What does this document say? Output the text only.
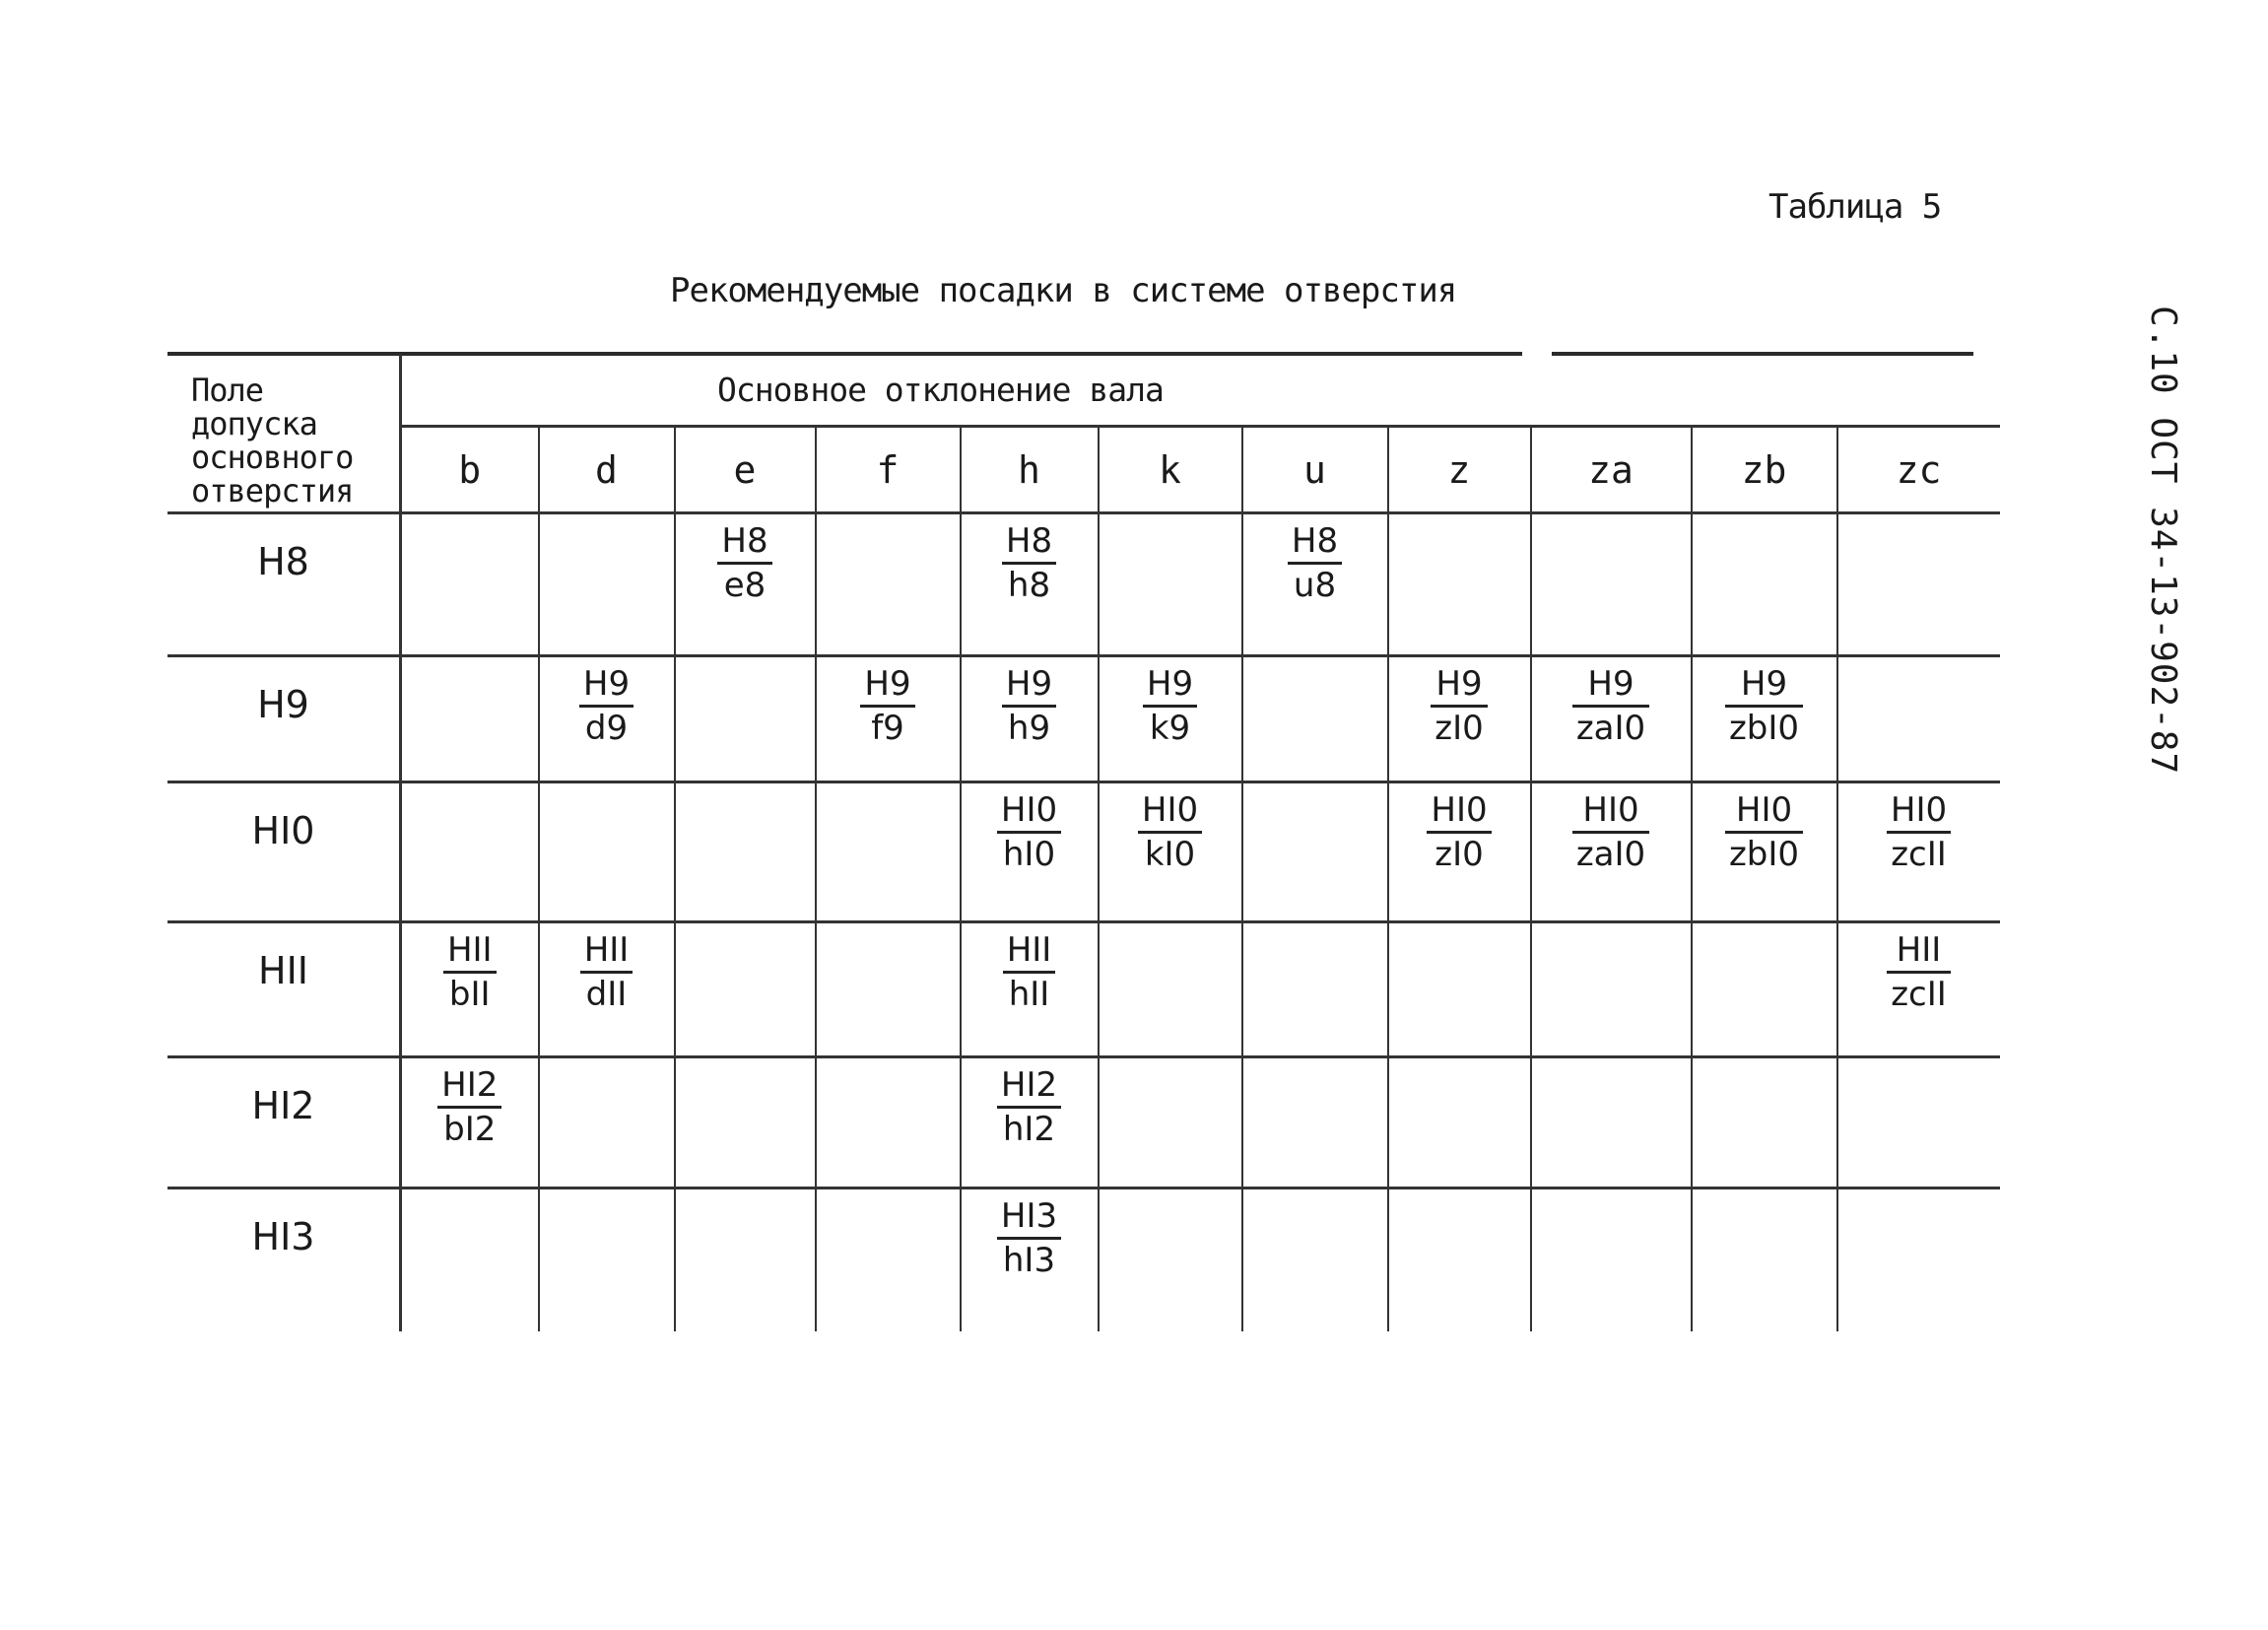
Таблица 5
Рекомендуемые посадки в системе отверстия
С.10 ОСТ 34-13-902-87
Поле
допуска
основного
отверстия	Основное отклонение вала										
	b	d	e	f	h	k	u	z	za	zb	zc
H8			$\frac{H8}{e8}$		$\frac{H8}{h8}$		$\frac{H8}{u8}$

H9		$\frac{H9}{d9}$		$\frac{H9}{f9}$	$\frac{H9}{h9}$	$\frac{H9}{k9}$		$\frac{H9}{zI0}$	$\frac{H9}{\text{zaI0}}$	$\frac{H9}{\text{zbI0}}$

HI0					$\frac{HI0}{hI0}$	$\frac{HI0}{kI0}$		$\frac{HI0}{zI0}$	$\frac{HI0}{\text{zaI0}}$	$\frac{HI0}{\text{zbI0}}$	$\frac{HI0}{\text{zcII}}$

HII	$\frac{\text{HII}}{\text{bII}}$	$\frac{\text{HII}}{\text{dII}}$			$\frac{\text{HII}}{\text{hII}}$						$\frac{\text{HII}}{\text{zcII}}$

HI2	$\frac{HI2}{bI2}$				$\frac{HI2}{hI2}$

HI3					$\frac{HI3}{hI3}$
